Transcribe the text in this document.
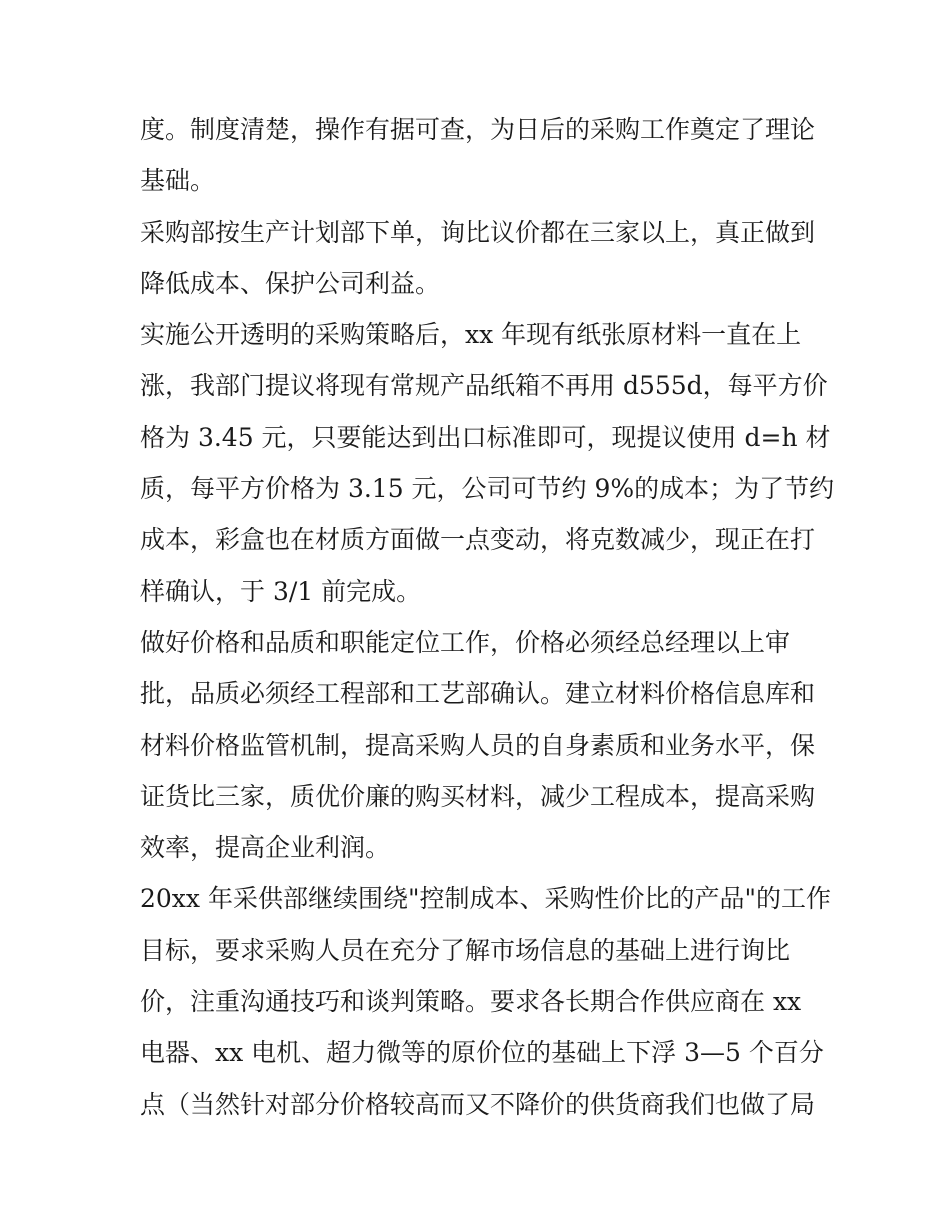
度。制度清楚，操作有据可查，为日后的采购工作奠定了理论
基础。
采购部按生产计划部下单，询比议价都在三家以上，真正做到
降低成本、保护公司利益。
实施公开透明的采购策略后，xx 年现有纸张原材料一直在上
涨，我部门提议将现有常规产品纸箱不再用 d555d，每平方价
格为 3.45 元，只要能达到出口标准即可，现提议使用 d=h 材
质，每平方价格为 3.15 元，公司可节约 9%的成本；为了节约
成本，彩盒也在材质方面做一点变动，将克数减少，现正在打
样确认，于 3/1 前完成。
做好价格和品质和职能定位工作，价格必须经总经理以上审
批，品质必须经工程部和工艺部确认。建立材料价格信息库和
材料价格监管机制，提高采购人员的自身素质和业务水平，保
证货比三家，质优价廉的购买材料，减少工程成本，提高采购
效率，提高企业利润。
20xx 年采供部继续围绕"控制成本、采购性价比的产品"的工作
目标，要求采购人员在充分了解市场信息的基础上进行询比
价，注重沟通技巧和谈判策略。要求各长期合作供应商在 xx
电器、xx 电机、超力微等的原价位的基础上下浮 3—5 个百分
点（当然针对部分价格较高而又不降价的供货商我们也做了局
